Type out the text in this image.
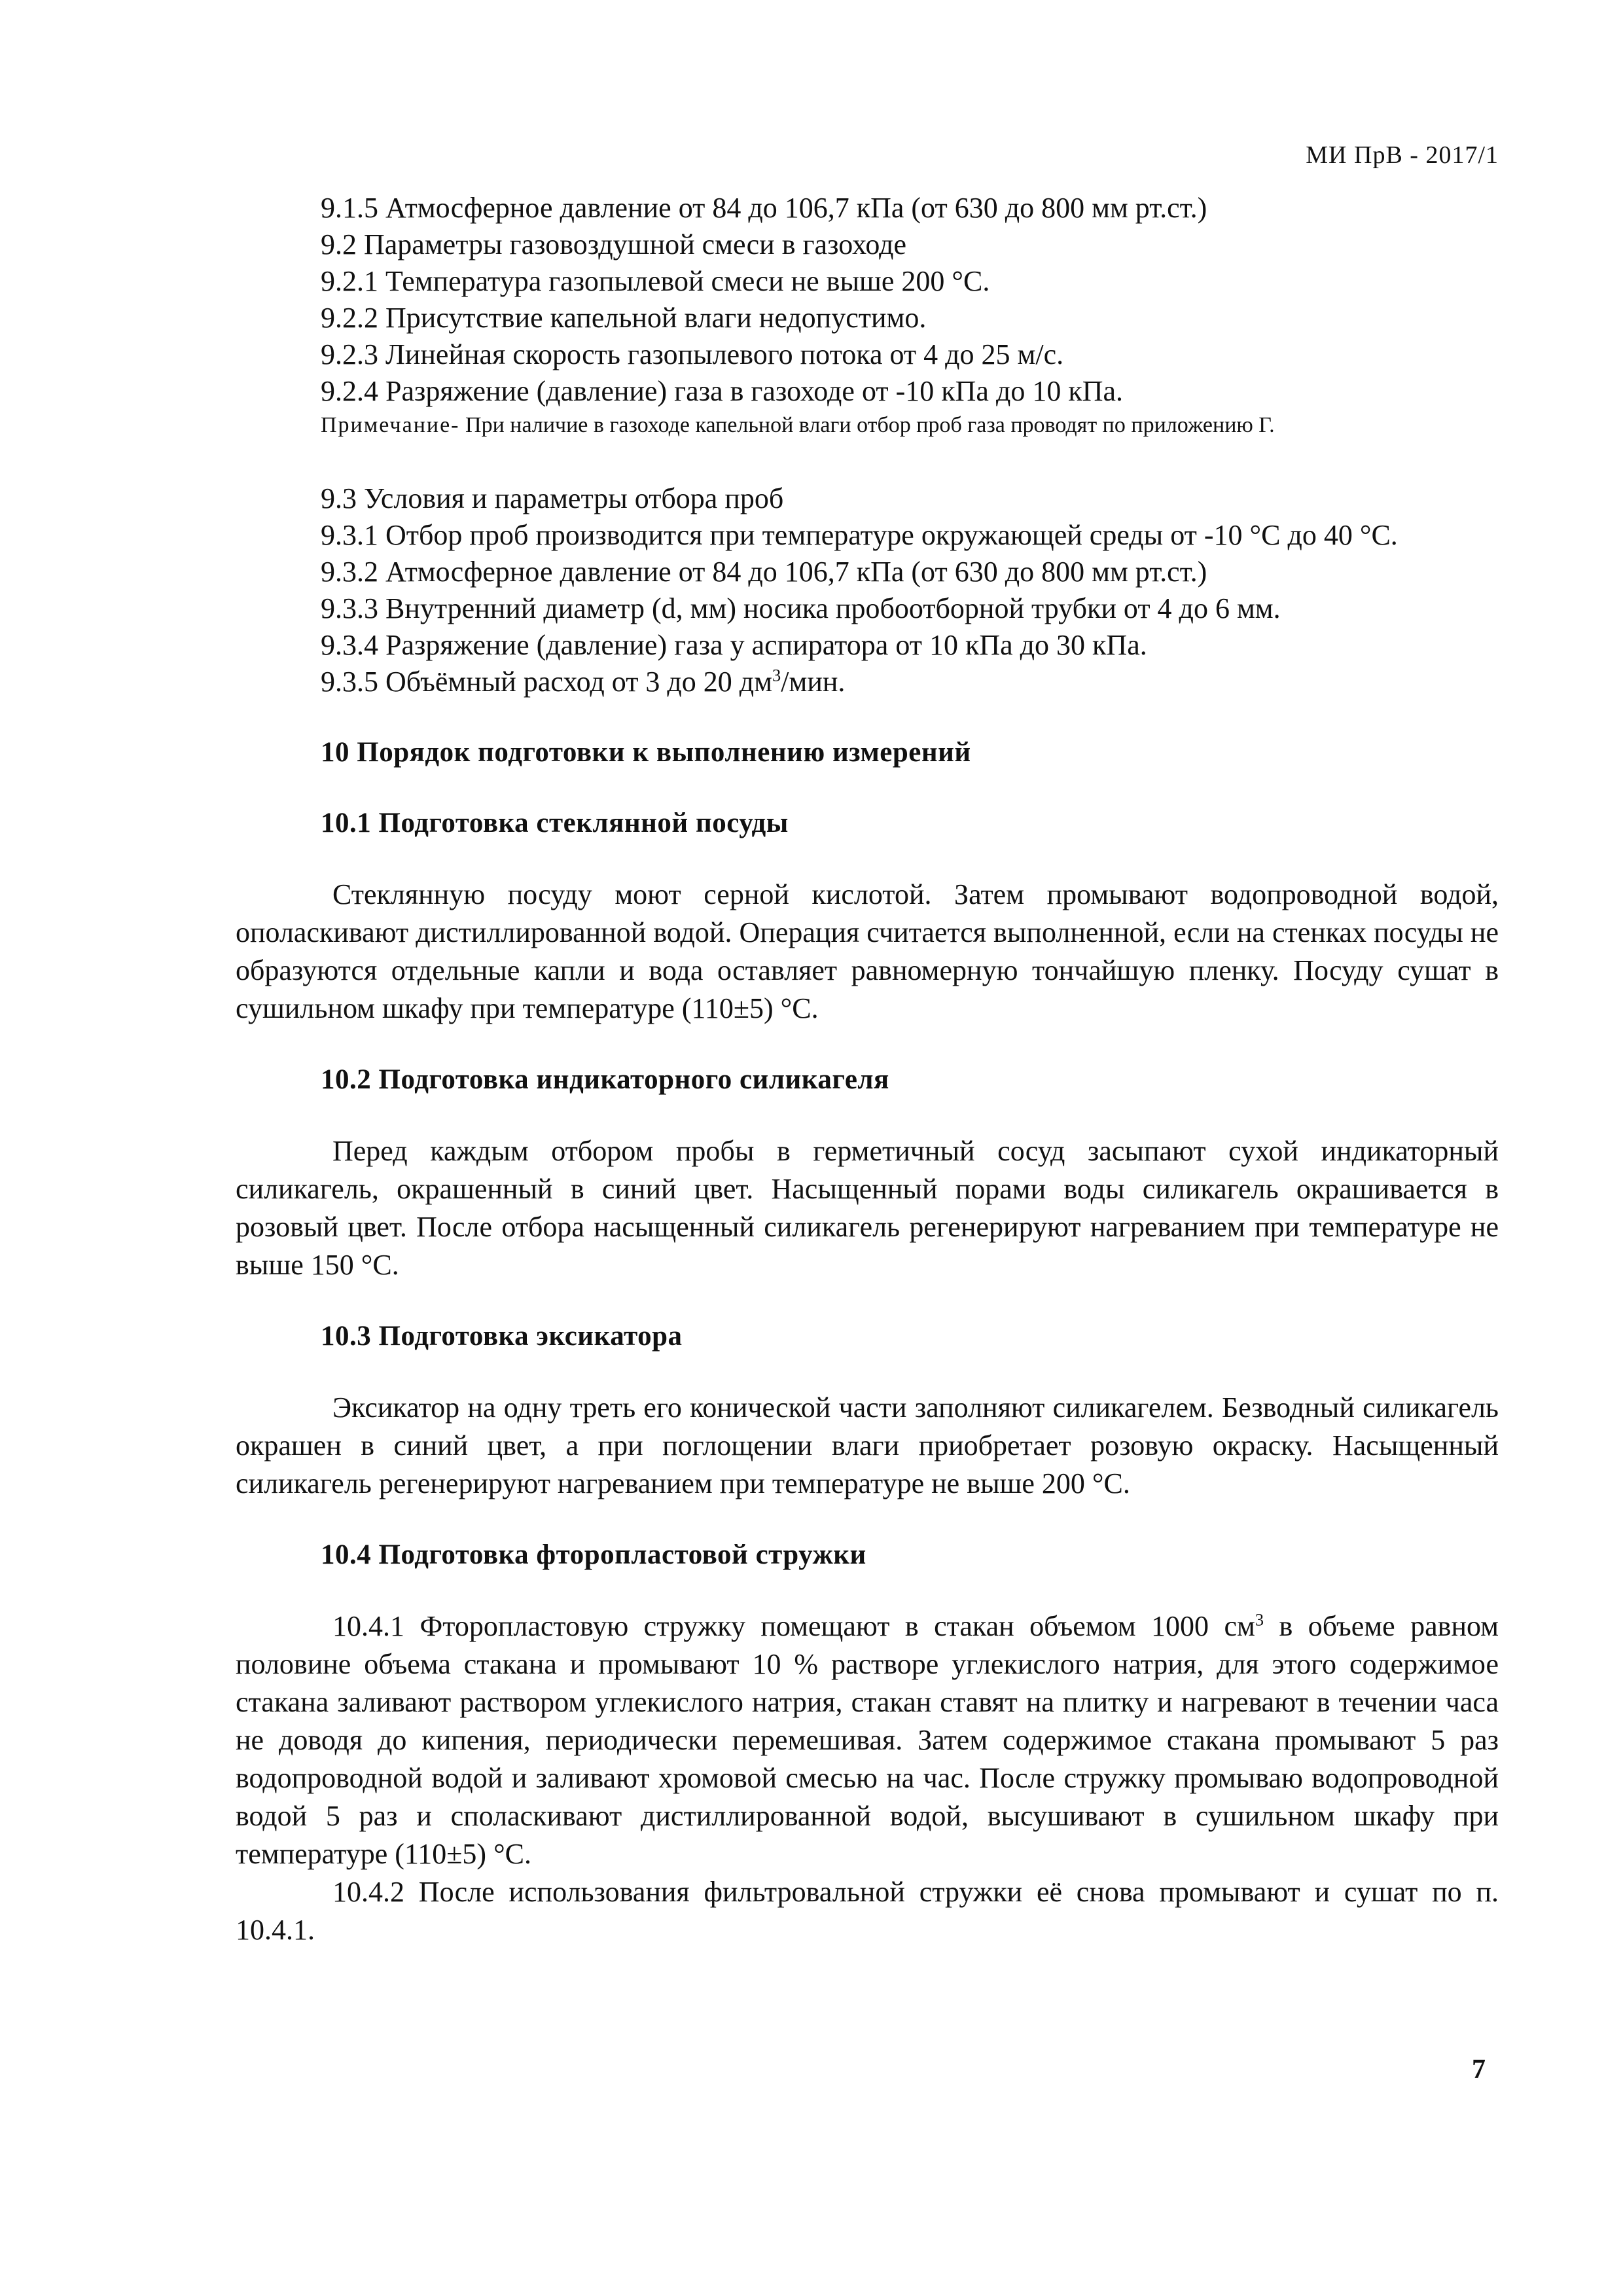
МИ ПрВ - 2017/1

9.1.5 Атмосферное давление от 84 до 106,7 кПа (от 630 до 800 мм рт.ст.)

9.2 Параметры газовоздушной смеси в газоходе

9.2.1 Температура газопылевой смеси не выше 200 °С.

9.2.2 Присутствие капельной влаги недопустимо.

9.2.3 Линейная скорость газопылевого потока от 4 до 25 м/с.

9.2.4 Разряжение (давление) газа в газоходе от -10 кПа до 10 кПа.

Примечание- При наличие в газоходе капельной влаги отбор проб газа проводят по приложению Г.

9.3 Условия и параметры отбора проб

9.3.1 Отбор проб производится при температуре окружающей среды от -10 °С до 40 °С.

9.3.2 Атмосферное давление от 84 до 106,7 кПа (от 630 до 800 мм рт.ст.)

9.3.3 Внутренний диаметр (d, мм) носика пробоотборной трубки от 4 до 6 мм.

9.3.4 Разряжение (давление) газа у аспиратора от 10 кПа до 30 кПа.

9.3.5 Объёмный расход от 3 до 20 $дм^3$/мин.

10 Порядок подготовки к выполнению измерений
10.1 Подготовка стеклянной посуды

Стеклянную посуду моют серной кислотой. Затем промывают водопроводной водой, ополаскивают дистиллированной водой. Операция считается выполненной, если на стенках посуды не образуются отдельные капли и вода оставляет равномерную тончайшую пленку. Посуду сушат в сушильном шкафу при температуре (110±5) °С.

10.2 Подготовка индикаторного силикагеля

Перед каждым отбором пробы в герметичный сосуд засыпают сухой индикаторный силикагель, окрашенный в синий цвет. Насыщенный порами воды силикагель окрашивается в розовый цвет. После отбора насыщенный силикагель регенерируют нагреванием при температуре не выше 150 °С.

10.3 Подготовка эксикатора

Эксикатор на одну треть его конической части заполняют силикагелем. Безводный силикагель окрашен в синий цвет, а при поглощении влаги приобретает розовую окраску. Насыщенный силикагель регенерируют нагреванием при температуре не выше 200 °С.

10.4 Подготовка фторопластовой стружки

10.4.1 Фторопластовую стружку помещают в стакан объемом 1000 $см^3$ в объеме равном половине объема стакана и промывают 10 % растворе углекислого натрия, для этого содержимое стакана заливают раствором углекислого натрия, стакан ставят на плитку и нагревают в течении часа не доводя до кипения, периодически перемешивая. Затем содержимое стакана промывают 5 раз водопроводной водой и заливают хромовой смесью на час. После стружку промываю водопроводной водой 5 раз и споласкивают дистиллированной водой, высушивают в сушильном шкафу при температуре (110±5) °С.

10.4.2 После использования фильтровальной стружки её снова промывают и сушат по п. 10.4.1.

7
